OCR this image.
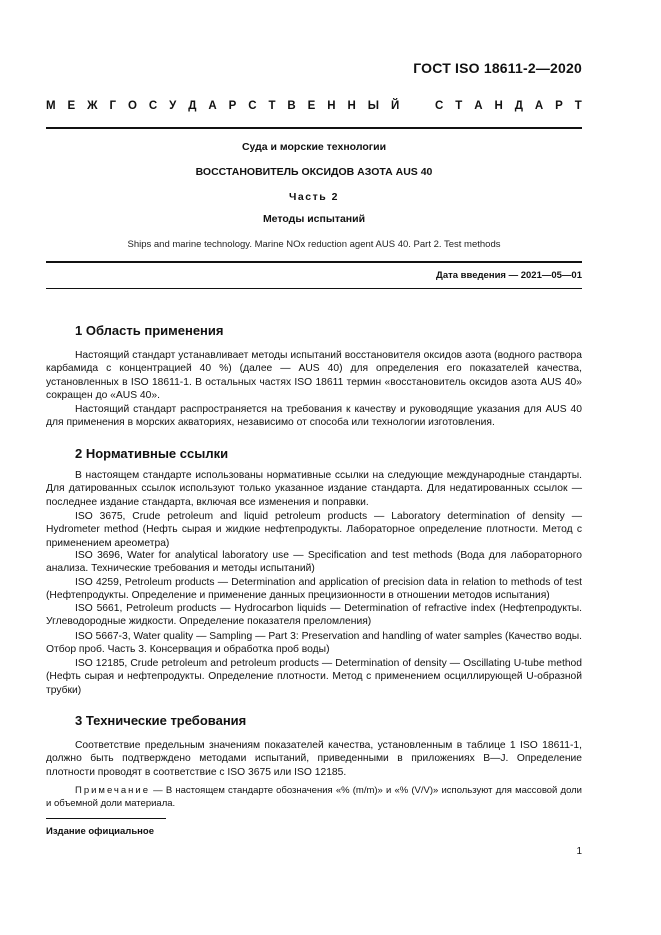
ГОСТ ISO 18611-2—2020
М Е Ж Г О С У Д А Р С Т В Е Н Н Ы Й	С Т А Н Д А Р Т
Суда и морские технологии
ВОССТАНОВИТЕЛЬ ОКСИДОВ АЗОТА AUS 40
Часть 2
Методы испытаний
Ships and marine technology. Marine NOx reduction agent AUS 40. Part 2. Test methods
Дата введения — 2021—05—01
1 Область применения

Настоящий стандарт устанавливает методы испытаний восстановителя оксидов азота (водного раствора карбамида с концентрацией 40 %) (далее — AUS 40) для определения его показателей качества, установленных в ISO 18611-1. В остальных частях ISO 18611 термин «восстановитель оксидов азота AUS 40» сокращен до «AUS 40».

Настоящий стандарт распространяется на требования к качеству и руководящие указания для AUS 40 для применения в морских акваториях, независимо от способа или технологии изготовления.

2 Нормативные ссылки

В настоящем стандарте использованы нормативные ссылки на следующие международные стандарты. Для датированных ссылок используют только указанное издание стандарта. Для недатированных ссылок — последнее издание стандарта, включая все изменения и поправки.

ISO 3675, Crude petroleum and liquid petroleum products — Laboratory determination of density — Hydrometer method (Нефть сырая и жидкие нефтепродукты. Лабораторное определение плотности. Метод с применением ареометра)

ISO 3696, Water for analytical laboratory use — Specification and test methods (Вода для лабораторного анализа. Технические требования и методы испытаний)

ISO 4259, Petroleum products — Determination and application of precision data in relation to methods of test (Нефтепродукты. Определение и применение данных прецизионности в отношении методов испытания)

ISO 5661, Petroleum products — Hydrocarbon liquids — Determination of refractive index (Нефтепродукты. Углеводородные жидкости. Определение показателя преломления)

ISO 5667-3, Water quality — Sampling — Part 3: Preservation and handling of water samples (Качество воды. Отбор проб. Часть 3. Консервация и обработка проб воды)

ISO 12185, Crude petroleum and petroleum products — Determination of density — Oscillating U-tube method (Нефть сырая и нефтепродукты. Определение плотности. Метод с применением осциллирующей U-образной трубки)

3 Технические требования

Соответствие предельным значениям показателей качества, установленным в таблице 1 ISO 18611-1, должно быть подтверждено методами испытаний, приведенными в приложениях В—J. Определение плотности проводят в соответствие с ISO 3675 или ISO 12185.

Примечание — В настоящем стандарте обозначения «% (m/m)» и «% (V/V)» используют для массовой доли и объемной доли материала.

Издание официальное
1
